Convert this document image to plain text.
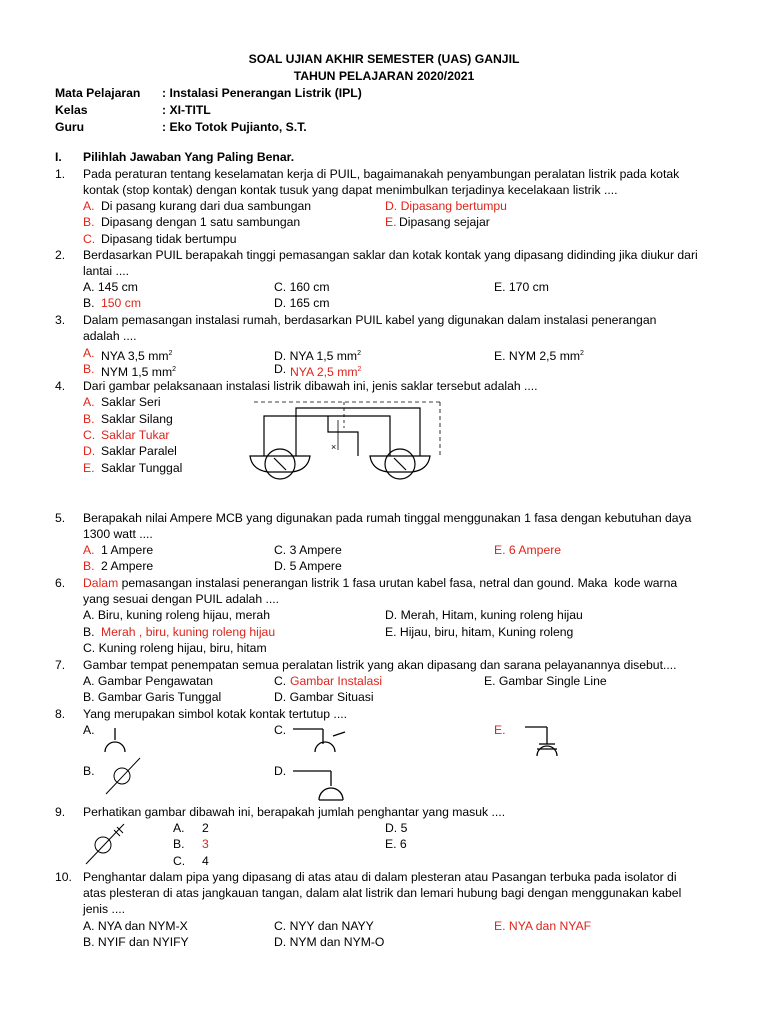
SOAL UJIAN AKHIR SEMESTER (UAS) GANJIL
TAHUN PELAJARAN 2020/2021
Mata Pelajaran : Instalasi Penerangan Listrik (IPL)
Kelas	: XI-TITL
Guru	: Eko Totok Pujianto, S.T.
I. Pilihlah Jawaban Yang Paling Benar.
1. Pada peraturan tentang keselamatan kerja di PUIL, bagaimanakah penyambungan peralatan listrik pada kotak
kontak (stop kontak) dengan kontak tusuk yang dapat menimbulkan terjadinya kecelakaan listrik ....
A. Di pasang kurang dari dua sambungan	D. Dipasang bertumpu
B. Dipasang dengan 1 satu sambungan	E. Dipasang sejajar
C. Dipasang tidak bertumpu
2. Berdasarkan PUIL berapakah tinggi pemasangan saklar dan kotak kontak yang dipasang didinding jika diukur dari
lantai ....
A. 145 cm	C. 160 cm	E. 170 cm
B. 150 cm	D. 165 cm
3. Dalam pemasangan instalasi rumah, berdasarkan PUIL kabel yang digunakan dalam instalasi penerangan
adalah ....
A. NYA 3,5 $mm^2$	D. NYA 1,5 $mm^2$	E. NYM 2,5 $mm^2$
B. NYM 1,5 $mm^2$	D. NYA 2,5 $mm^2$
4. Dari gambar pelaksanaan instalasi listrik dibawah ini, jenis saklar tersebut adalah ....
A. Saklar Seri
B. Saklar Silang
C. Saklar Tukar
D. Saklar Paralel
E. Saklar Tunggal
×
5. Berapakah nilai Ampere MCB yang digunakan pada rumah tinggal menggunakan 1 fasa dengan kebutuhan daya
1300 watt ....
A. 1 Ampere	C. 3 Ampere	E. 6 Ampere
B. 2 Ampere	D. 5 Ampere
6. Dalam pemasangan instalasi penerangan listrik 1 fasa urutan kabel fasa, netral dan gound. Maka  kode warna
yang sesuai dengan PUIL adalah ....
A. Biru, kuning roleng hijau, merah	D. Merah, Hitam, kuning roleng hijau
B. Merah , biru, kuning roleng hijau	E. Hijau, biru, hitam, Kuning roleng
C. Kuning roleng hijau, biru, hitam
7. Gambar tempat penempatan semua peralatan listrik yang akan dipasang dan sarana pelayanannya disebut....
A. Gambar Pengawatan	C. Gambar Instalasi	E. Gambar Single Line
B. Gambar Garis Tunggal	D. Gambar Situasi
8. Yang merupakan simbol kotak kontak tertutup ....
A.	C.	E.
B.	D.
9. Perhatikan gambar dibawah ini, berapakah jumlah penghantar yang masuk ....
A. 2	D. 5
B. 3	E. 6
C. 4
10. Penghantar dalam pipa yang dipasang di atas atau di dalam plesteran atau Pasangan terbuka pada isolator di
atas plesteran di atas jangkauan tangan, dalam alat listrik dan lemari hubung bagi dengan menggunakan kabel
jenis ....
A. NYA dan NYM-X	C. NYY dan NAYY	E. NYA dan NYAF
B. NYIF dan NYIFY	D. NYM dan NYM-O
